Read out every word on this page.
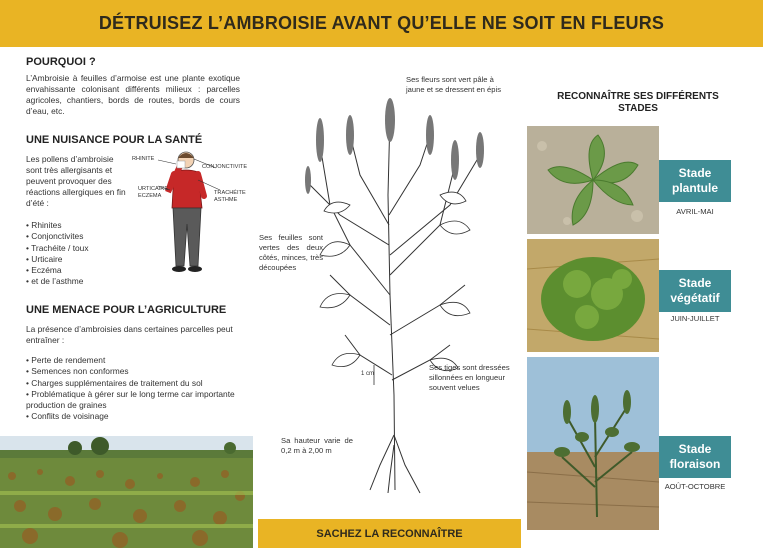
DÉTRUISEZ L’AMBROISIE AVANT QU’ELLE NE SOIT EN FLEURS
POURQUOI ?
L’Ambroisie à feuilles d’armoise est une plante exotique envahissante colonisant différents milieux : parcelles agricoles, chantiers, bords de routes, bords de cours d’eau, etc.
UNE NUISANCE POUR LA SANTÉ
Les pollens d’ambroisie sont très allergisants et peuvent provoquer des réactions allergiques en fin d’été :
• Rhinites
• Conjonctivites
• Trachéite / toux
• Urticaire
• Eczéma
• et de l’asthme
RHINITE
CONJONCTIVITE
URTICAIRE ECZEMA	TRACHÉITE ASTHME
UNE MENACE POUR L’AGRICULTURE
La présence d’ambroisies dans certaines parcelles peut entraîner :
• Perte de rendement
• Semences non conformes
• Charges supplémentaires de traitement du sol
• Problématique à gérer sur le long terme car importante production de graines
• Conflits de voisinage
1 cm
Ses fleurs sont vert pâle à jaune et se dressent en épis
Ses feuilles sont vertes des deux côtés, minces, très découpées
Ses tiges sont dressées sillonnées en longueur souvent velues
Sa hauteur varie de 0,2 m à 2,00 m
SACHEZ LA RECONNAÎTRE
RECONNAÎTRE SES DIFFÉRENTS STADES
Stade plantule
AVRIL-MAI
Stade végétatif
JUIN-JUILLET
Stade floraison
AOÛT-OCTOBRE
